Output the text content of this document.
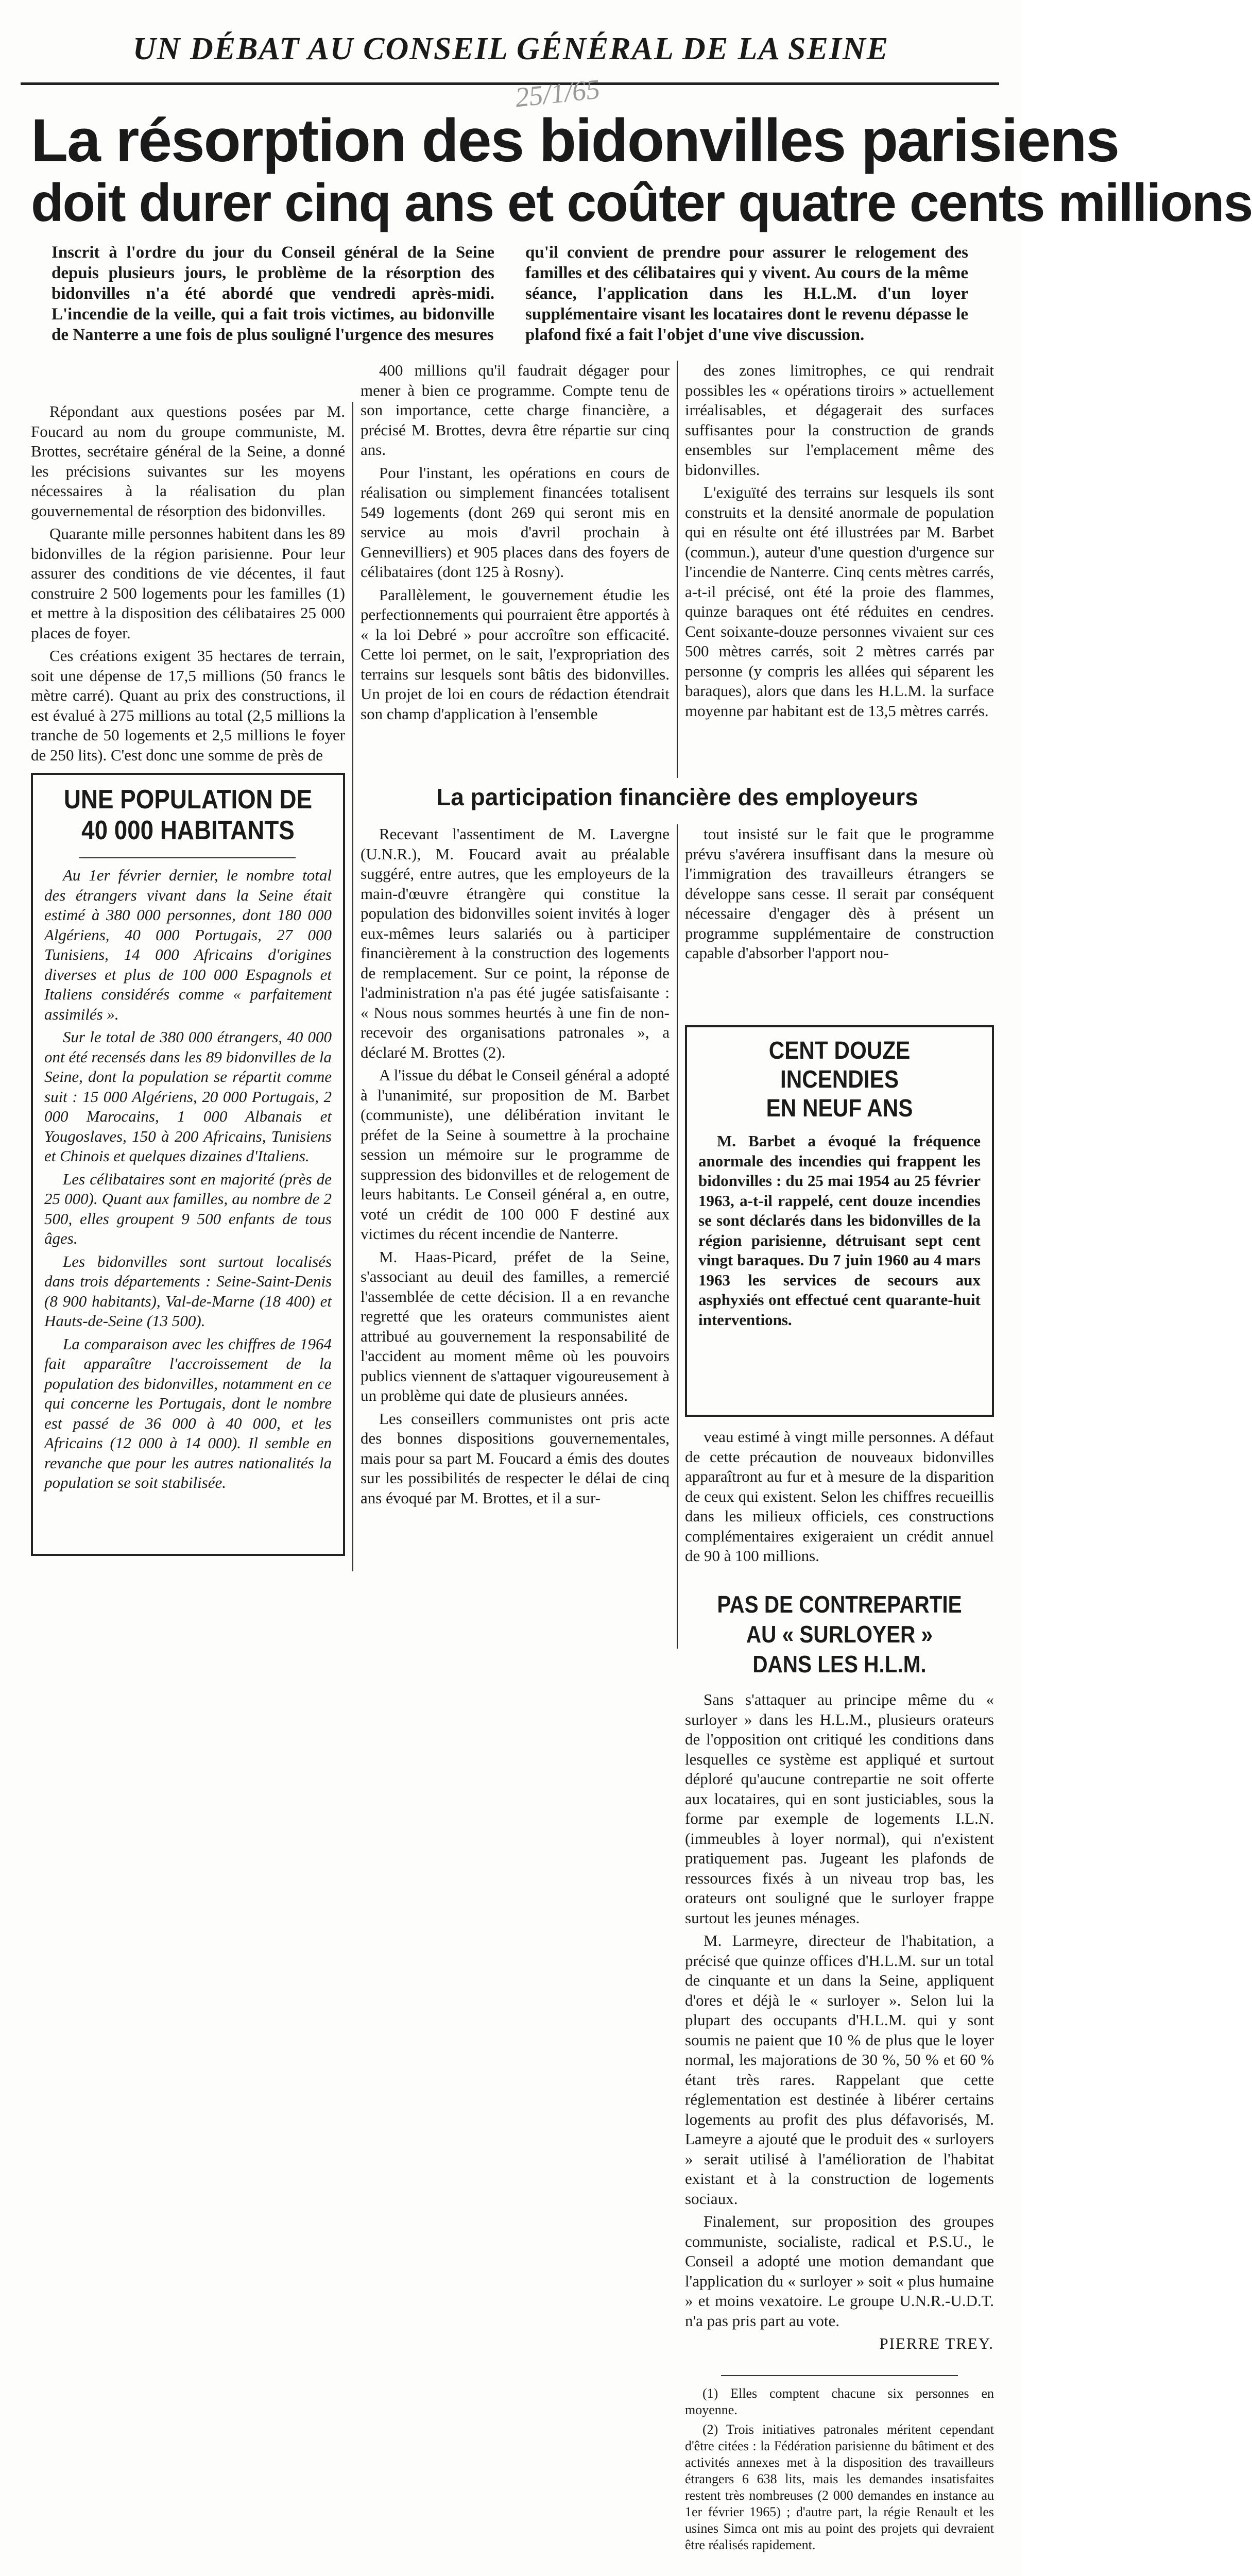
UN DÉBAT AU CONSEIL GÉNÉRAL DE LA SEINE
25/1/65
La résorption des bidonvilles parisiens
doit durer cinq ans et coûter quatre cents millions
Inscrit à l'ordre du jour du Conseil général de la Seine depuis plusieurs jours, le problème de la résorption des bidonvilles n'a été abordé que vendredi après-midi. L'incendie de la veille, qui a fait trois victimes, au bidonville de Nanterre a une fois de plus souligné l'urgence des mesures
qu'il convient de prendre pour assurer le relogement des familles et des célibataires qui y vivent. Au cours de la même séance, l'application dans les H.L.M. d'un loyer supplémentaire visant les locataires dont le revenu dépasse le plafond fixé a fait l'objet d'une vive discussion.

Répondant aux questions posées par M. Foucard au nom du groupe communiste, M. Brottes, secrétaire général de la Seine, a donné les précisions suivantes sur les moyens nécessaires à la réalisation du plan gouvernemental de résorption des bidonvilles.

Quarante mille personnes habitent dans les 89 bidonvilles de la région parisienne. Pour leur assurer des conditions de vie décentes, il faut construire 2 500 logements pour les familles (1) et mettre à la disposition des célibataires 25 000 places de foyer.

Ces créations exigent 35 hectares de terrain, soit une dépense de 17,5 millions (50 francs le mètre carré). Quant au prix des constructions, il est évalué à 275 millions au total (2,5 millions la tranche de 50 logements et 2,5 millions le foyer de 250 lits). C'est donc une somme de près de

UNE POPULATION DE 40 000 HABITANTS

Au 1er février dernier, le nombre total des étrangers vivant dans la Seine était estimé à 380 000 personnes, dont 180 000 Algériens, 40 000 Portugais, 27 000 Tunisiens, 14 000 Africains d'origines diverses et plus de 100 000 Espagnols et Italiens considérés comme « parfaitement assimilés ».

Sur le total de 380 000 étrangers, 40 000 ont été recensés dans les 89 bidonvilles de la Seine, dont la population se répartit comme suit : 15 000 Algériens, 20 000 Portugais, 2 000 Marocains, 1 000 Albanais et Yougoslaves, 150 à 200 Africains, Tunisiens et Chinois et quelques dizaines d'Italiens.

Les célibataires sont en majorité (près de 25 000). Quant aux familles, au nombre de 2 500, elles groupent 9 500 enfants de tous âges.

Les bidonvilles sont surtout localisés dans trois départements : Seine-Saint-Denis (8 900 habitants), Val-de-Marne (18 400) et Hauts-de-Seine (13 500).

La comparaison avec les chiffres de 1964 fait apparaître l'accroissement de la population des bidonvilles, notamment en ce qui concerne les Portugais, dont le nombre est passé de 36 000 à 40 000, et les Africains (12 000 à 14 000). Il semble en revanche que pour les autres nationalités la population se soit stabilisée.

400 millions qu'il faudrait dégager pour mener à bien ce programme. Compte tenu de son importance, cette charge financière, a précisé M. Brottes, devra être répartie sur cinq ans.

Pour l'instant, les opérations en cours de réalisation ou simplement financées totalisent 549 logements (dont 269 qui seront mis en service au mois d'avril prochain à Gennevilliers) et 905 places dans des foyers de célibataires (dont 125 à Rosny).

Parallèlement, le gouvernement étudie les perfectionnements qui pourraient être apportés à « la loi Debré » pour accroître son efficacité. Cette loi permet, on le sait, l'expropriation des terrains sur lesquels sont bâtis des bidonvilles. Un projet de loi en cours de rédaction étendrait son champ d'application à l'ensemble

des zones limitrophes, ce qui rendrait possibles les « opérations tiroirs » actuellement irréalisables, et dégagerait des surfaces suffisantes pour la construction de grands ensembles sur l'emplacement même des bidonvilles.

L'exiguïté des terrains sur lesquels ils sont construits et la densité anormale de population qui en résulte ont été illustrées par M. Barbet (commun.), auteur d'une question d'urgence sur l'incendie de Nanterre. Cinq cents mètres carrés, a-t-il précisé, ont été la proie des flammes, quinze baraques ont été réduites en cendres. Cent soixante-douze personnes vivaient sur ces 500 mètres carrés, soit 2 mètres carrés par personne (y compris les allées qui séparent les baraques), alors que dans les H.L.M. la surface moyenne par habitant est de 13,5 mètres carrés.

La participation financière des employeurs

Recevant l'assentiment de M. Lavergne (U.N.R.), M. Foucard avait au préalable suggéré, entre autres, que les employeurs de la main-d'œuvre étrangère qui constitue la population des bidonvilles soient invités à loger eux-mêmes leurs salariés ou à participer financièrement à la construction des logements de remplacement. Sur ce point, la réponse de l'administration n'a pas été jugée satisfaisante : « Nous nous sommes heurtés à une fin de non-recevoir des organisations patronales », a déclaré M. Brottes (2).

A l'issue du débat le Conseil général a adopté à l'unanimité, sur proposition de M. Barbet (communiste), une délibération invitant le préfet de la Seine à soumettre à la prochaine session un mémoire sur le programme de suppression des bidonvilles et de relogement de leurs habitants. Le Conseil général a, en outre, voté un crédit de 100 000 F destiné aux victimes du récent incendie de Nanterre.

M. Haas-Picard, préfet de la Seine, s'associant au deuil des familles, a remercié l'assemblée de cette décision. Il a en revanche regretté que les orateurs communistes aient attribué au gouvernement la responsabilité de l'accident au moment même où les pouvoirs publics viennent de s'attaquer vigoureusement à un problème qui date de plusieurs années.

Les conseillers communistes ont pris acte des bonnes dispositions gouvernementales, mais pour sa part M. Foucard a émis des doutes sur les possibilités de respecter le délai de cinq ans évoqué par M. Brottes, et il a sur-

tout insisté sur le fait que le programme prévu s'avérera insuffisant dans la mesure où l'immigration des travailleurs étrangers se développe sans cesse. Il serait par conséquent nécessaire d'engager dès à présent un programme supplémentaire de construction capable d'absorber l'apport nou-

CENT DOUZE INCENDIES
EN NEUF ANS
M. Barbet a évoqué la fréquence anormale des incendies qui frappent les bidonvilles : du 25 mai 1954 au 25 février 1963, a-t-il rappelé, cent douze incendies se sont déclarés dans les bidonvilles de la région parisienne, détruisant sept cent vingt baraques. Du 7 juin 1960 au 4 mars 1963 les services de secours aux asphyxiés ont effectué cent quarante-huit interventions.

veau estimé à vingt mille personnes. A défaut de cette précaution de nouveaux bidonvilles apparaîtront au fur et à mesure de la disparition de ceux qui existent. Selon les chiffres recueillis dans les milieux officiels, ces constructions complémentaires exigeraient un crédit annuel de 90 à 100 millions.

PAS DE CONTREPARTIE
AU « SURLOYER »
DANS LES H.L.M.

Sans s'attaquer au principe même du « surloyer » dans les H.L.M., plusieurs orateurs de l'opposition ont critiqué les conditions dans lesquelles ce système est appliqué et surtout déploré qu'aucune contrepartie ne soit offerte aux locataires, qui en sont justiciables, sous la forme par exemple de logements I.L.N. (immeubles à loyer normal), qui n'existent pratiquement pas. Jugeant les plafonds de ressources fixés à un niveau trop bas, les orateurs ont souligné que le surloyer frappe surtout les jeunes ménages.

M. Larmeyre, directeur de l'habitation, a précisé que quinze offices d'H.L.M. sur un total de cinquante et un dans la Seine, appliquent d'ores et déjà le « surloyer ». Selon lui la plupart des occupants d'H.L.M. qui y sont soumis ne paient que 10 % de plus que le loyer normal, les majorations de 30 %, 50 % et 60 % étant très rares. Rappelant que cette réglementation est destinée à libérer certains logements au profit des plus défavorisés, M. Lameyre a ajouté que le produit des « surloyers » serait utilisé à l'amélioration de l'habitat existant et à la construction de logements sociaux.

Finalement, sur proposition des groupes communiste, socialiste, radical et P.S.U., le Conseil a adopté une motion demandant que l'application du « surloyer » soit « plus humaine » et moins vexatoire. Le groupe U.N.R.-U.D.T. n'a pas pris part au vote.

PIERRE TREY.

(1) Elles comptent chacune six personnes en moyenne.

(2) Trois initiatives patronales méritent cependant d'être citées : la Fédération parisienne du bâtiment et des activités annexes met à la disposition des travailleurs étrangers 6 638 lits, mais les demandes insatisfaites restent très nombreuses (2 000 demandes en instance au 1er février 1965) ; d'autre part, la régie Renault et les usines Simca ont mis au point des projets qui devraient être réalisés rapidement.
